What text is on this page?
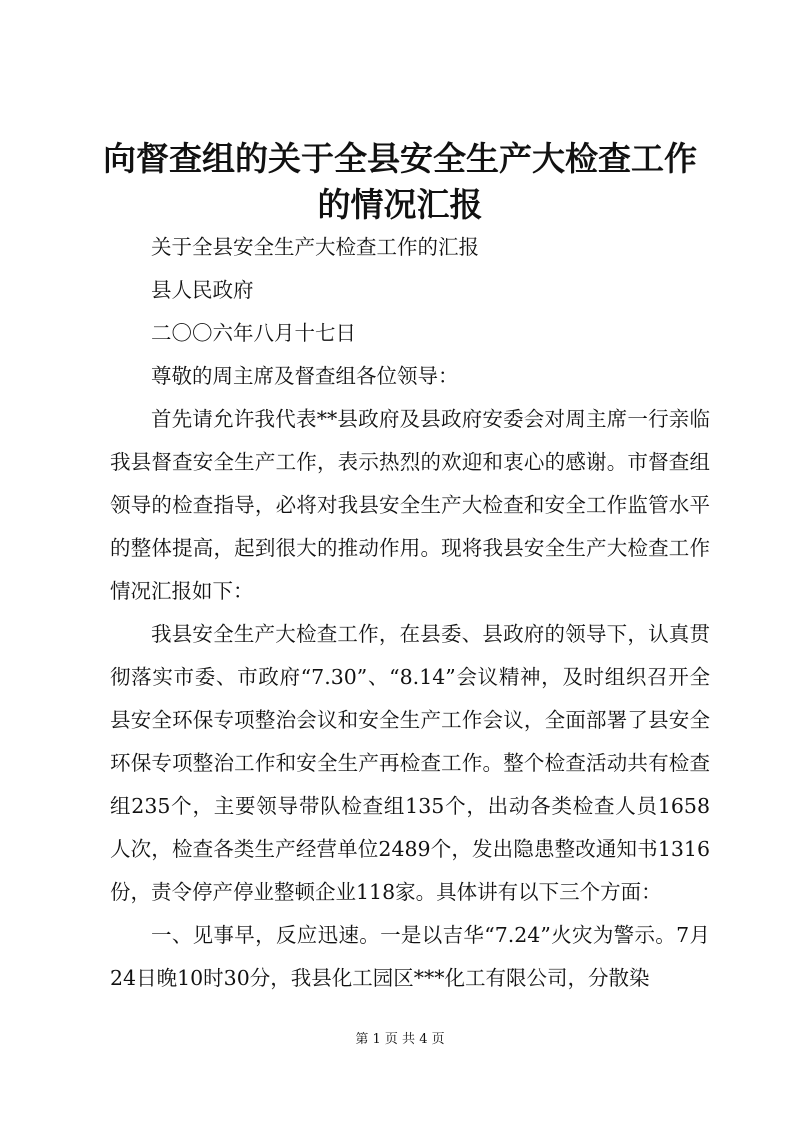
向督查组的关于全县安全生产大检查工作的情况汇报

关于全县安全生产大检查工作的汇报

县人民政府

二〇〇六年八月十七日

尊敬的周主席及督查组各位领导：

首先请允许我代表**县政府及县政府安委会对周主席一行亲临我县督查安全生产工作，表示热烈的欢迎和衷心的感谢。市督查组领导的检查指导，必将对我县安全生产大检查和安全工作监管水平的整体提高，起到很大的推动作用。现将我县安全生产大检查工作情况汇报如下：

我县安全生产大检查工作，在县委、县政府的领导下，认真贯彻落实市委、市政府“7.30”、“8.14”会议精神，及时组织召开全县安全环保专项整治会议和安全生产工作会议，全面部署了县安全环保专项整治工作和安全生产再检查工作。整个检查活动共有检查组235个，主要领导带队检查组135个，出动各类检查人员1658人次，检查各类生产经营单位2489个，发出隐患整改通知书1316份，责令停产停业整顿企业118家。具体讲有以下三个方面：

一、见事早，反应迅速。一是以吉华“7.24”火灾为警示。7月24日晚10时30分，我县化工园区***化工有限公司，分散染

第 1 页 共 4 页
